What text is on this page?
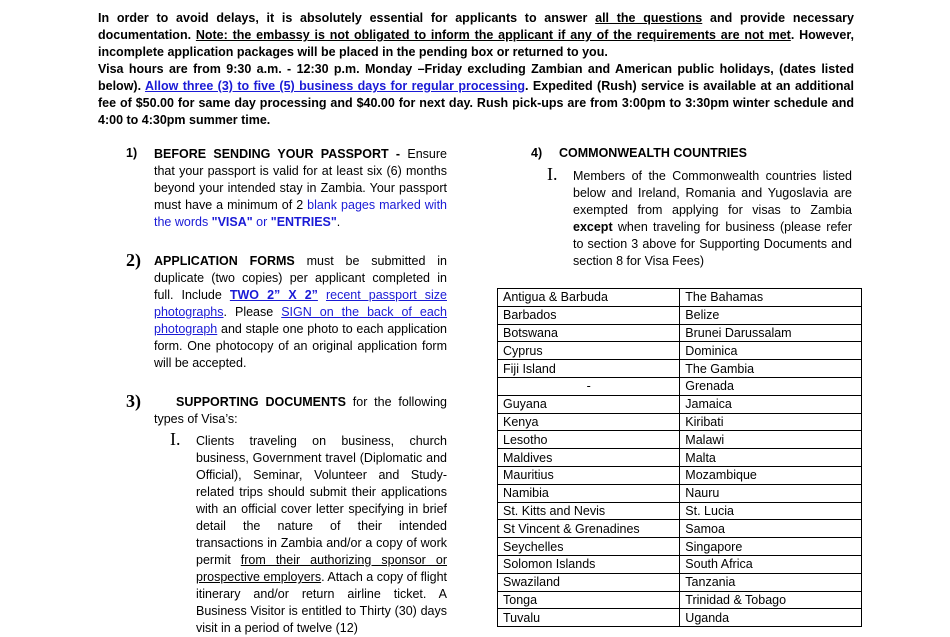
In order to avoid delays, it is absolutely essential for applicants to answer all the questions and provide necessary documentation. Note: the embassy is not obligated to inform the applicant if any of the requirements are not met. However, incomplete application packages will be placed in the pending box or returned to you.
Visa hours are from 9:30 a.m. - 12:30 p.m. Monday –Friday excluding Zambian and American public holidays, (dates listed below). Allow three (3) to five (5) business days for regular processing. Expedited (Rush) service is available at an additional fee of $50.00 for same day processing and $40.00 for next day. Rush pick-ups are from 3:00pm to 3:30pm winter schedule and 4:00 to 4:30pm summer time.
1) BEFORE SENDING YOUR PASSPORT - Ensure that your passport is valid for at least six (6) months beyond your intended stay in Zambia. Your passport must have a minimum of 2 blank pages marked with the words "VISA" or "ENTRIES".
2) APPLICATION FORMS must be submitted in duplicate (two copies) per applicant completed in full. Include TWO 2” X 2” recent passport size photographs. Please SIGN on the back of each photograph and staple one photo to each application form. One photocopy of an original application form will be accepted.
3)	SUPPORTING DOCUMENTS for the following types of Visa’s:
I. Clients traveling on business, church business, Government travel (Diplomatic and Official), Seminar, Volunteer and Study-related trips should submit their applications with an official cover letter specifying in brief detail the nature of their intended transactions in Zambia and/or a copy of work permit from their authorizing sponsor or prospective employers. Attach a copy of flight itinerary and/or return airline ticket. A Business Visitor is entitled to Thirty (30) days visit in a period of twelve (12)
4) COMMONWEALTH COUNTRIES
I. Members of the Commonwealth countries listed below and Ireland, Romania and Yugoslavia are exempted from applying for visas to Zambia except when traveling for business (please refer to section 3 above for Supporting Documents and section 8 for Visa Fees)
Antigua & Barbuda	The Bahamas
Barbados	Belize
Botswana	Brunei Darussalam
Cyprus	Dominica
Fiji Island	The Gambia
-	Grenada
Guyana	Jamaica
Kenya	Kiribati
Lesotho	Malawi
Maldives	Malta
Mauritius	Mozambique
Namibia	Nauru
St. Kitts and Nevis	St. Lucia
St Vincent & Grenadines	Samoa
Seychelles	Singapore
Solomon Islands	South Africa
Swaziland	Tanzania
Tonga	Trinidad & Tobago
Tuvalu	Uganda
